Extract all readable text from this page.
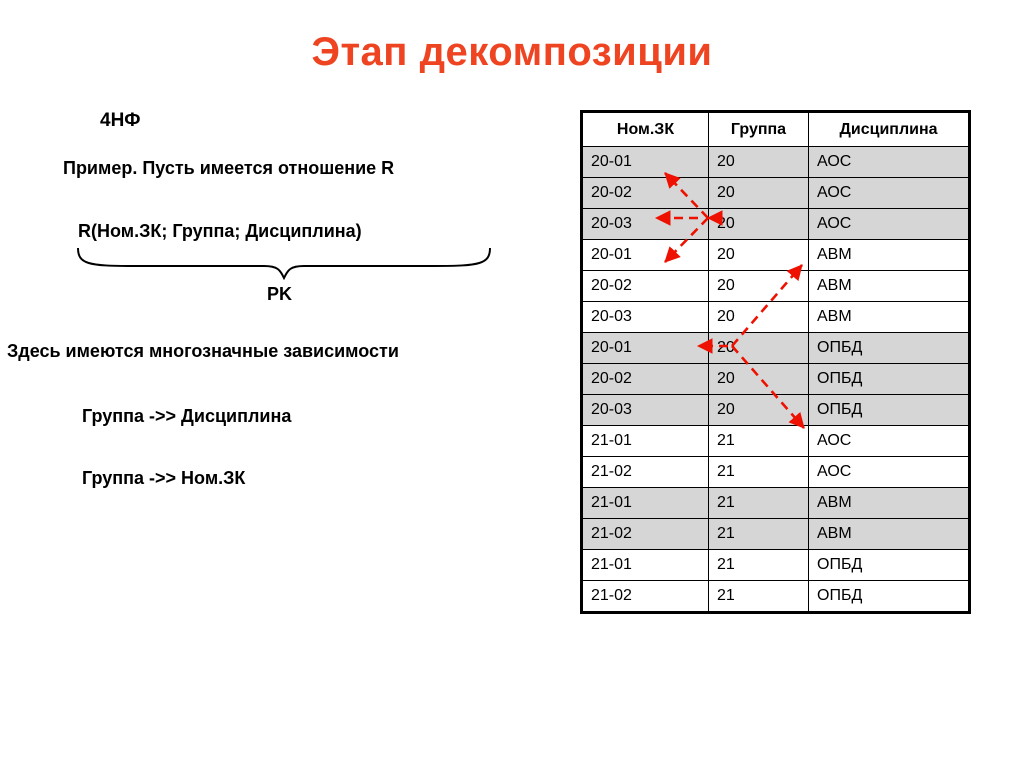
Этап декомпозиции
4НФ
Пример. Пусть имеется отношение R
R(Ном.ЗК; Группа; Дисциплина)
PK
Здесь имеются многозначные зависимости
Группа ->> Дисциплина
Группа ->> Ном.ЗК
Ном.ЗК	Группа	Дисциплина
20-01	20	АОС
20-02	20	АОС
20-03	20	АОС
20-01	20	АВМ
20-02	20	АВМ
20-03	20	АВМ
20-01	20	ОПБД
20-02	20	ОПБД
20-03	20	ОПБД
21-01	21	АОС
21-02	21	АОС
21-01	21	АВМ
21-02	21	АВМ
21-01	21	ОПБД
21-02	21	ОПБД
